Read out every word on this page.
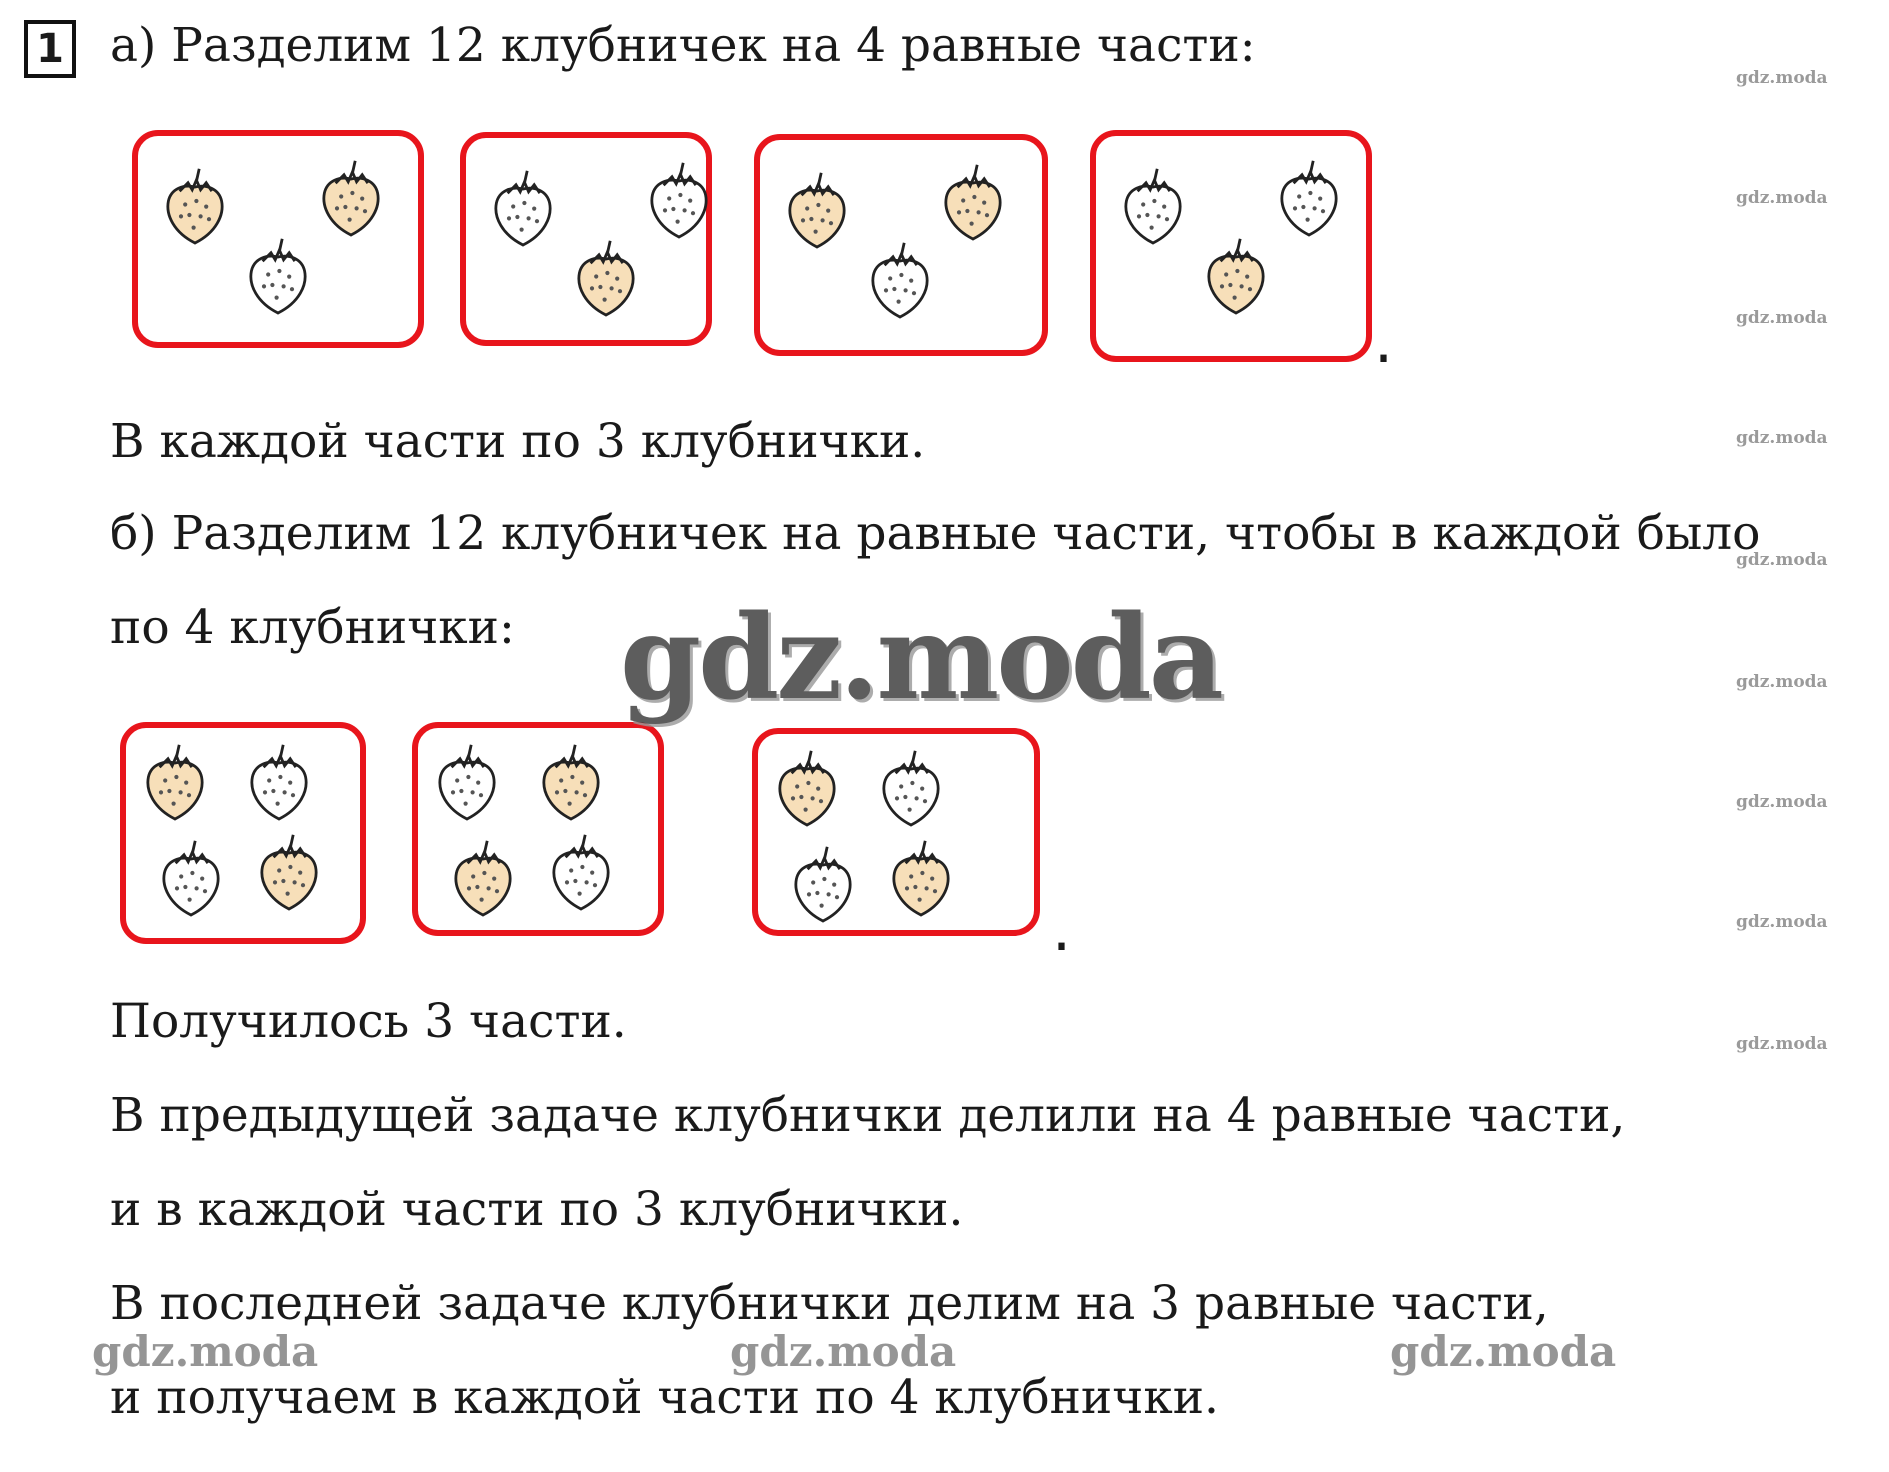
1 а) Разделим 12 клубничек на 4 равные части:
.
В каждой части по 3 клубнички.
б) Разделим 12 клубничек на равные части, чтобы в каждой было
по 4 клубнички:
.
Получилось 3 части.
В предыдущей задаче клубнички делили на 4 равные части,
и в каждой части по 3 клубнички.
В последней задаче клубнички делим на 3 равные части,
и получаем в каждой части по 4 клубнички.
gdz.moda
gdz.moda
gdz.moda
gdz.moda
gdz.moda
gdz.moda
gdz.moda
gdz.moda
gdz.moda
gdz.moda
gdz.moda	gdz.moda	gdz.moda
